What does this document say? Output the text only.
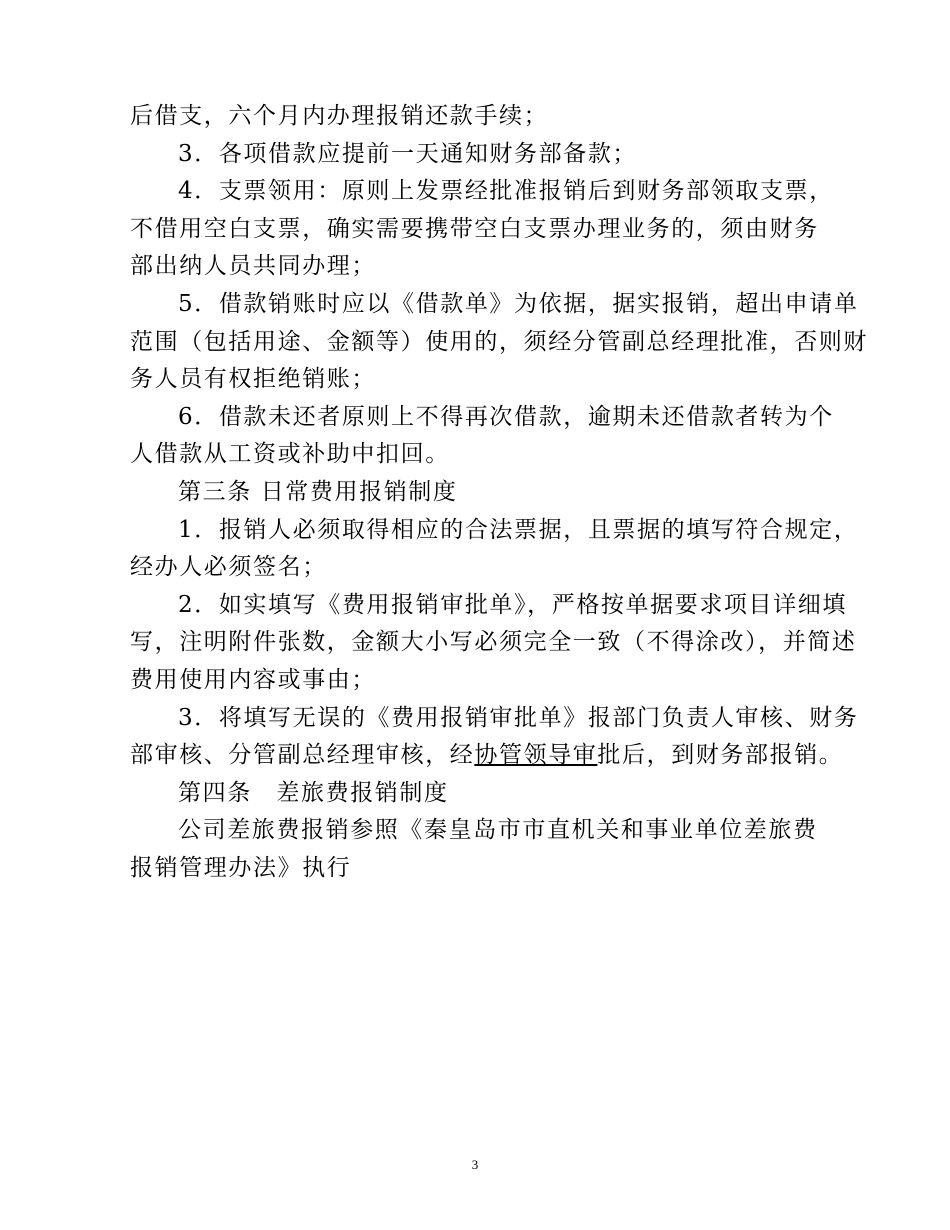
后借支，六个月内办理报销还款手续；
3．各项借款应提前一天通知财务部备款；
4．支票领用：原则上发票经批准报销后到财务部领取支票，
不借用空白支票，确实需要携带空白支票办理业务的，须由财务
部出纳人员共同办理；
5．借款销账时应以《借款单》为依据，据实报销，超出申请单
范围（包括用途、金额等）使用的，须经分管副总经理批准，否则财
务人员有权拒绝销账；
6．借款未还者原则上不得再次借款，逾期未还借款者转为个
人借款从工资或补助中扣回。
第三条 日常费用报销制度
1．报销人必须取得相应的合法票据，且票据的填写符合规定，
经办人必须签名；
2．如实填写《费用报销审批单》，严格按单据要求项目详细填
写，注明附件张数，金额大小写必须完全一致（不得涂改），并简述
费用使用内容或事由；
3．将填写无误的《费用报销审批单》报部门负责人审核、财务
部审核、分管副总经理审核，经协管领导审批后，到财务部报销。
第四条　差旅费报销制度
公司差旅费报销参照《秦皇岛市市直机关和事业单位差旅费
报销管理办法》执行
3
